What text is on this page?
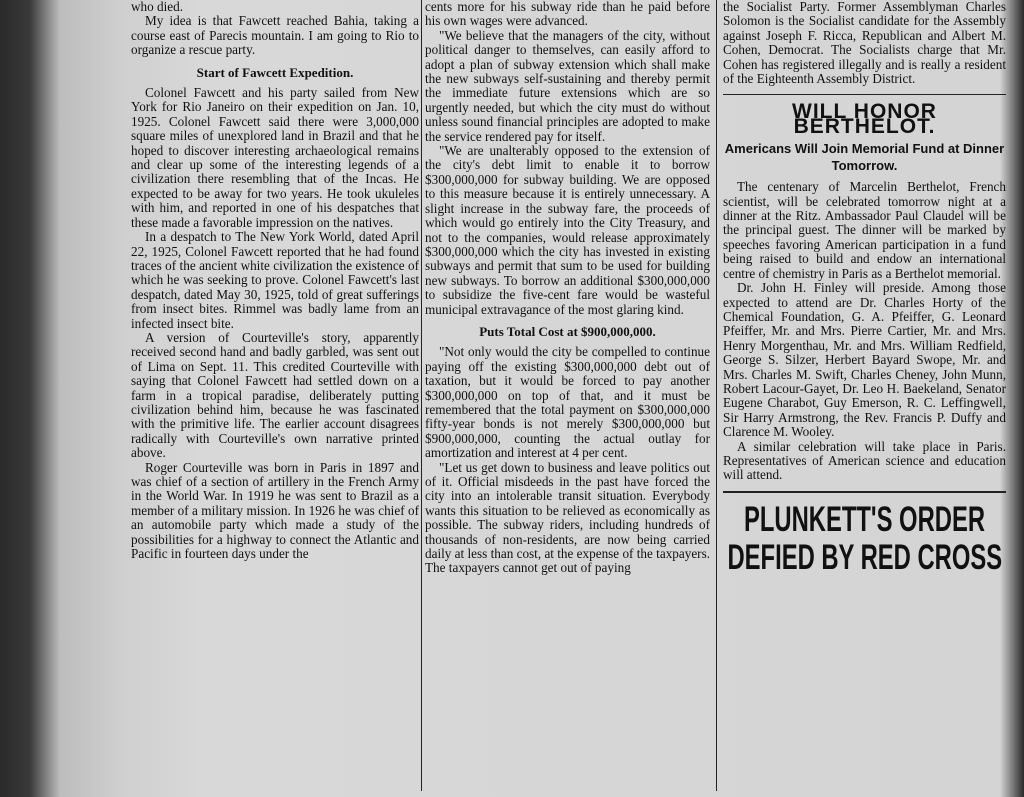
who died.

My idea is that Fawcett reached Bahia, taking a course east of Parecis mountain. I am going to Rio to organize a rescue party.

Start of Fawcett Expedition.

Colonel Fawcett and his party sailed from New York for Rio Janeiro on their expedition on Jan. 10, 1925. Colonel Fawcett said there were 3,000,000 square miles of unexplored land in Brazil and that he hoped to discover interesting archaeological remains and clear up some of the interesting legends of a civilization there resembling that of the Incas. He expected to be away for two years. He took ukuleles with him, and reported in one of his despatches that these made a favorable impression on the natives.

In a despatch to The New York World, dated April 22, 1925, Colonel Fawcett reported that he had found traces of the ancient white civilization the existence of which he was seeking to prove. Colonel Fawcett's last despatch, dated May 30, 1925, told of great sufferings from insect bites. Rimmel was badly lame from an infected insect bite.

A version of Courteville's story, apparently received second hand and badly garbled, was sent out of Lima on Sept. 11. This credited Courteville with saying that Colonel Fawcett had settled down on a farm in a tropical paradise, deliberately putting civilization behind him, because he was fascinated with the primitive life. The earlier account disagrees radically with Courteville's own narrative printed above.

Roger Courteville was born in Paris in 1897 and was chief of a section of artillery in the French Army in the World War. In 1919 he was sent to Brazil as a member of a military mission. In 1926 he was chief of an automobile party which made a study of the possibilities for a highway to connect the Atlantic and Pacific in fourteen days under the

cents more for his subway ride than he paid before his own wages were advanced.

"We believe that the managers of the city, without political danger to themselves, can easily afford to adopt a plan of subway extension which shall make the new subways self-sustaining and thereby permit the immediate future extensions which are so urgently needed, but which the city must do without unless sound financial principles are adopted to make the service rendered pay for itself.

"We are unalterably opposed to the extension of the city's debt limit to enable it to borrow $300,000,000 for subway building. We are opposed to this measure because it is entirely unnecessary. A slight increase in the subway fare, the proceeds of which would go entirely into the City Treasury, and not to the companies, would release approximately $300,000,000 which the city has invested in existing subways and permit that sum to be used for building new subways. To borrow an additional $300,000,000 to subsidize the five-cent fare would be wasteful municipal extravagance of the most glaring kind.

Puts Total Cost at $900,000,000.

"Not only would the city be compelled to continue paying off the existing $300,000,000 debt out of taxation, but it would be forced to pay another $300,000,000 on top of that, and it must be remembered that the total payment on $300,000,000 fifty-year bonds is not merely $300,000,000 but $900,000,000, counting the actual outlay for amortization and interest at 4 per cent.

"Let us get down to business and leave politics out of it. Official misdeeds in the past have forced the city into an intolerable transit situation. Everybody wants this situation to be relieved as economically as possible. The subway riders, including hundreds of thousands of non-residents, are now being carried daily at less than cost, at the expense of the taxpayers. The taxpayers cannot get out of paying

the Socialist Party. Former Assemblyman Charles Solomon is the Socialist candidate for the Assembly against Joseph F. Ricca, Republican and Albert M. Cohen, Democrat. The Socialists charge that Mr. Cohen has registered illegally and is really a resident of the Eighteenth Assembly District.

WILL HONOR BERTHELOT.
Americans Will Join Memorial Fund at Dinner Tomorrow.

The centenary of Marcelin Berthelot, French scientist, will be celebrated tomorrow night at a dinner at the Ritz. Ambassador Paul Claudel will be the principal guest. The dinner will be marked by speeches favoring American participation in a fund being raised to build and endow an international centre of chemistry in Paris as a Berthelot memorial.

Dr. John H. Finley will preside. Among those expected to attend are Dr. Charles Horty of the Chemical Foundation, G. A. Pfeiffer, G. Leonard Pfeiffer, Mr. and Mrs. Pierre Cartier, Mr. and Mrs. Henry Morgenthau, Mr. and Mrs. William Redfield, George S. Silzer, Herbert Bayard Swope, Mr. and Mrs. Charles M. Swift, Charles Cheney, John Munn, Robert Lacour-Gayet, Dr. Leo H. Baekeland, Senator Eugene Charabot, Guy Emerson, R. C. Leffingwell, Sir Harry Armstrong, the Rev. Francis P. Duffy and Clarence M. Wooley.

A similar celebration will take place in Paris. Representatives of American science and education will attend.

PLUNKETT'S ORDER
DEFIED BY RED CROSS
